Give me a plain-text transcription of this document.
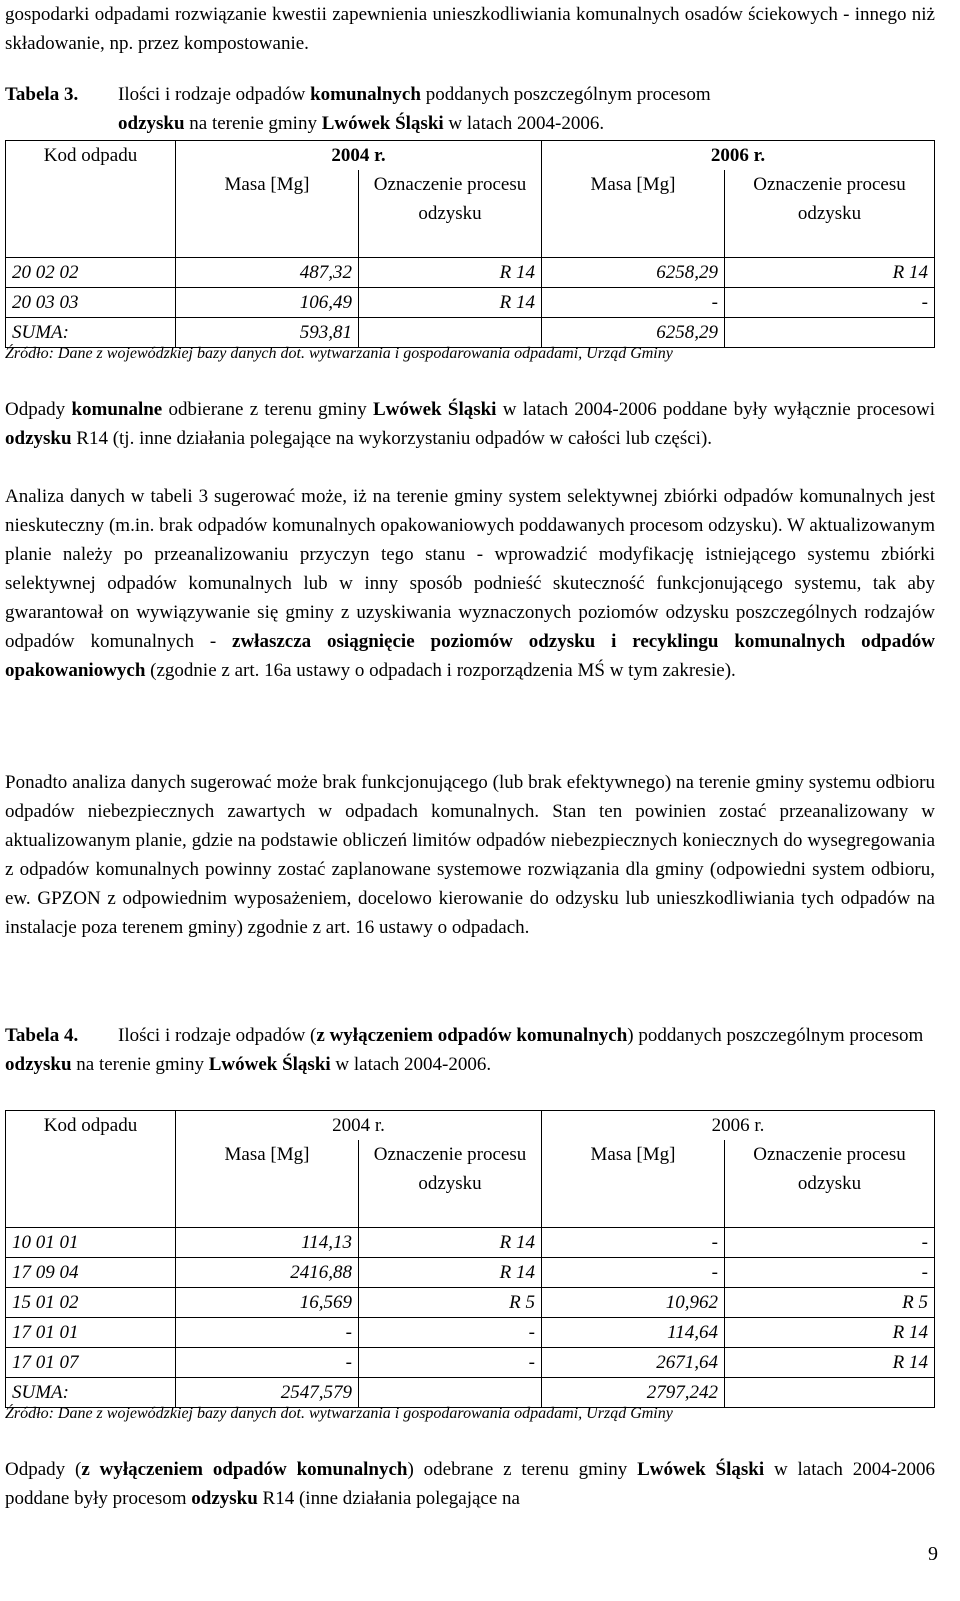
gospodarki odpadami rozwiązanie kwestii zapewnienia unieszkodliwiania komunalnych osadów ściekowych - innego niż składowanie, np. przez kompostowanie.

Tabela 3. Ilości i rodzaje odpadów komunalnych poddanych poszczególnym procesom

odzysku na terenie gminy Lwówek Śląski w latach 2004-2006.
Kod odpadu	2004 r.		2006 r.	
	Masa [Mg]	Oznaczenie procesu odzysku	Masa [Mg]	Oznaczenie procesu odzysku
20 02 02	487,32	R 14	6258,29	R 14
20 03 03	106,49	R 14	-	-
SUMA:	593,81		6258,29	
Źródło: Dane z wojewódzkiej bazy danych dot. wytwarzania i gospodarowania odpadami, Urząd Gminy

Odpady komunalne odbierane z terenu gminy Lwówek Śląski w latach 2004-2006 poddane były wyłącznie procesowi odzysku R14 (tj. inne działania polegające na wykorzystaniu odpadów w całości lub części).

Analiza danych w tabeli 3 sugerować może, iż na terenie gminy system selektywnej zbiórki odpadów komunalnych jest nieskuteczny (m.in. brak odpadów komunalnych opakowaniowych poddawanych procesom odzysku). W aktualizowanym planie należy po przeanalizowaniu przyczyn tego stanu - wprowadzić modyfikację istniejącego systemu zbiórki selektywnej odpadów komunalnych lub w inny sposób podnieść skuteczność funkcjonującego systemu, tak aby gwarantował on wywiązywanie się gminy z uzyskiwania wyznaczonych poziomów odzysku poszczególnych rodzajów odpadów komunalnych - zwłaszcza osiągnięcie poziomów odzysku i recyklingu komunalnych odpadów opakowaniowych (zgodnie z art. 16a ustawy o odpadach i rozporządzenia MŚ w tym zakresie).

Ponadto analiza danych sugerować może brak funkcjonującego (lub brak efektywnego) na terenie gminy systemu odbioru odpadów niebezpiecznych zawartych w odpadach komunalnych. Stan ten powinien zostać przeanalizowany w aktualizowanym planie, gdzie na podstawie obliczeń limitów odpadów niebezpiecznych koniecznych do wysegregowania z odpadów komunalnych powinny zostać zaplanowane systemowe rozwiązania dla gminy (odpowiedni system odbioru, ew. GPZON z odpowiednim wyposażeniem, docelowo kierowanie do odzysku lub unieszkodliwiania tych odpadów na instalacje poza terenem gminy) zgodnie z art. 16 ustawy o odpadach.

Tabela 4. Ilości i rodzaje odpadów (z wyłączeniem odpadów komunalnych) poddanych poszczególnym procesom odzysku na terenie gminy Lwówek Śląski w latach 2004-2006.
Kod odpadu	2004 r.		2006 r.	
	Masa [Mg]	Oznaczenie procesu odzysku	Masa [Mg]	Oznaczenie procesu odzysku
10 01 01	114,13	R 14	-	-
17 09 04	2416,88	R 14	-	-
15 01 02	16,569	R 5	10,962	R 5
17 01 01	-	-	114,64	R 14
17 01 07	-	-	2671,64	R 14
SUMA:	2547,579		2797,242	
Źródło: Dane z wojewódzkiej bazy danych dot. wytwarzania i gospodarowania odpadami, Urząd Gminy

Odpady (z wyłączeniem odpadów komunalnych) odebrane z terenu gminy Lwówek Śląski w latach 2004-2006 poddane były procesom odzysku R14 (inne działania polegające na

9
